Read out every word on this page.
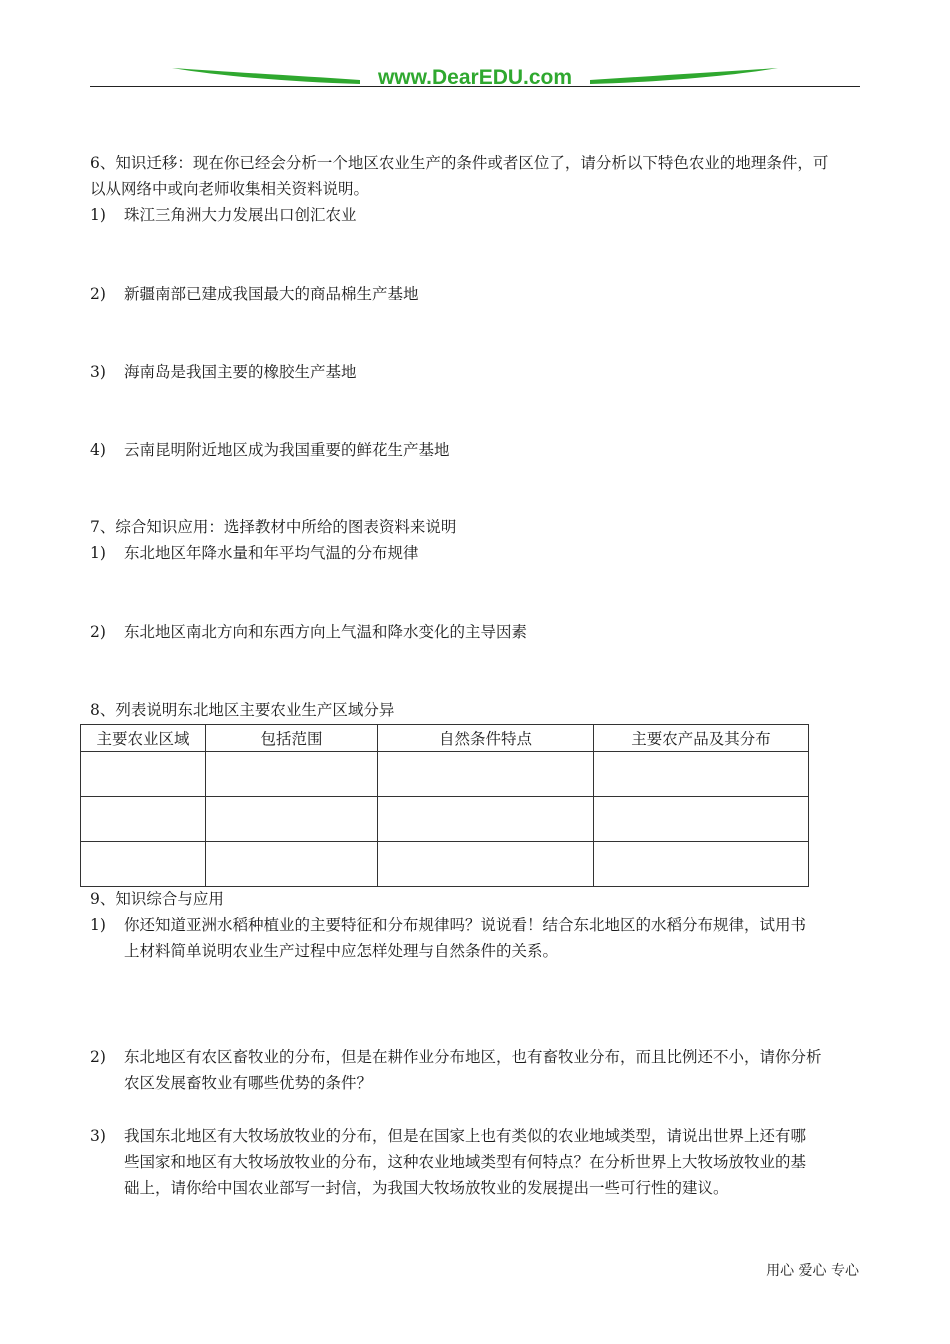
www.DearEDU.com
6、知识迁移：现在你已经会分析一个地区农业生产的条件或者区位了，请分析以下特色农业的地理条件，可
以从网络中或向老师收集相关资料说明。
1) 珠江三角洲大力发展出口创汇农业
2) 新疆南部已建成我国最大的商品棉生产基地
3) 海南岛是我国主要的橡胶生产基地
4) 云南昆明附近地区成为我国重要的鲜花生产基地
7、综合知识应用：选择教材中所给的图表资料来说明
1) 东北地区年降水量和年平均气温的分布规律
2) 东北地区南北方向和东西方向上气温和降水变化的主导因素
8、列表说明东北地区主要农业生产区域分异
9、知识综合与应用
1) 你还知道亚洲水稻种植业的主要特征和分布规律吗？说说看！结合东北地区的水稻分布规律，试用书
上材料简单说明农业生产过程中应怎样处理与自然条件的关系。
2) 东北地区有农区畜牧业的分布，但是在耕作业分布地区，也有畜牧业分布，而且比例还不小，请你分析
农区发展畜牧业有哪些优势的条件？
3) 我国东北地区有大牧场放牧业的分布，但是在国家上也有类似的农业地域类型，请说出世界上还有哪
些国家和地区有大牧场放牧业的分布，这种农业地域类型有何特点？在分析世界上大牧场放牧业的基
础上，请你给中国农业部写一封信，为我国大牧场放牧业的发展提出一些可行性的建议。
主要农业区域	包括范围	自然条件特点	主要农产品及其分布

用心 爱心 专心
